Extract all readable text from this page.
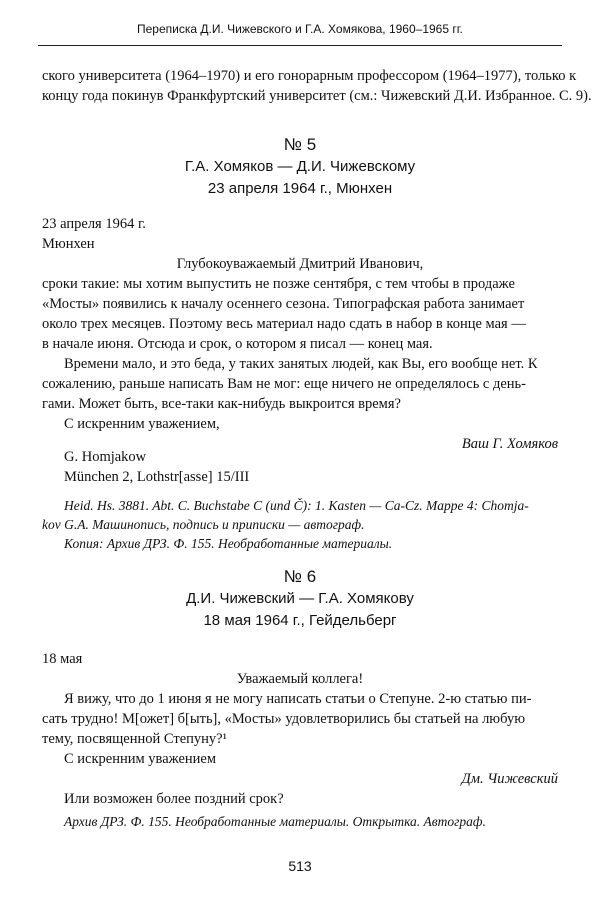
Переписка Д.И. Чижевского и Г.А. Хомякова, 1960–1965 гг.
ского университета (1964–1970) и его гонорарным профессором (1964–1977), только к
концу года покинув Франкфуртский университет (см.: Чижевский Д.И. Избранное. С. 9).
№ 5
Г.А. Хомяков — Д.И. Чижевскому
23 апреля 1964 г., Мюнхен
23 апреля 1964 г.
Мюнхен
Глубокоуважаемый Дмитрий Иванович,
сроки такие: мы хотим выпустить не позже сентября, с тем чтобы в продаже
«Мосты» появились к началу осеннего сезона. Типографская работа занимает
около трех месяцев. Поэтому весь материал надо сдать в набор в конце мая —
в начале июня. Отсюда и срок, о котором я писал — конец мая.
Времени мало, и это беда, у таких занятых людей, как Вы, его вообще нет. К
сожалению, раньше написать Вам не мог: еще ничего не определялось с день-
гами. Может быть, все-таки как-нибудь выкроится время?
С искренним уважением,
Ваш Г. Хомяков
G. Homjakow
München 2, Lothstr[asse] 15/III
Heid. Hs. 3881. Abt. C. Buchstabe C (und Č): 1. Kasten — Ca-Cz. Mappe 4: Chomja-
kov G.A. Машинопись, подпись и приписки — автограф.
Копия: Архив ДРЗ. Ф. 155. Необработанные материалы.
№ 6
Д.И. Чижевский — Г.А. Хомякову
18 мая 1964 г., Гейдельберг
18 мая
Уважаемый коллега!
Я вижу, что до 1 июня я не могу написать статьи о Степуне. 2-ю статью пи-
сать трудно! М[ожет] б[ыть], «Мосты» удовлетворились бы статьей на любую
тему, посвященной Степуну?¹
С искренним уважением
Дм. Чижевский
Или возможен более поздний срок?
Архив ДРЗ. Ф. 155. Необработанные материалы. Открытка. Автограф.
513
